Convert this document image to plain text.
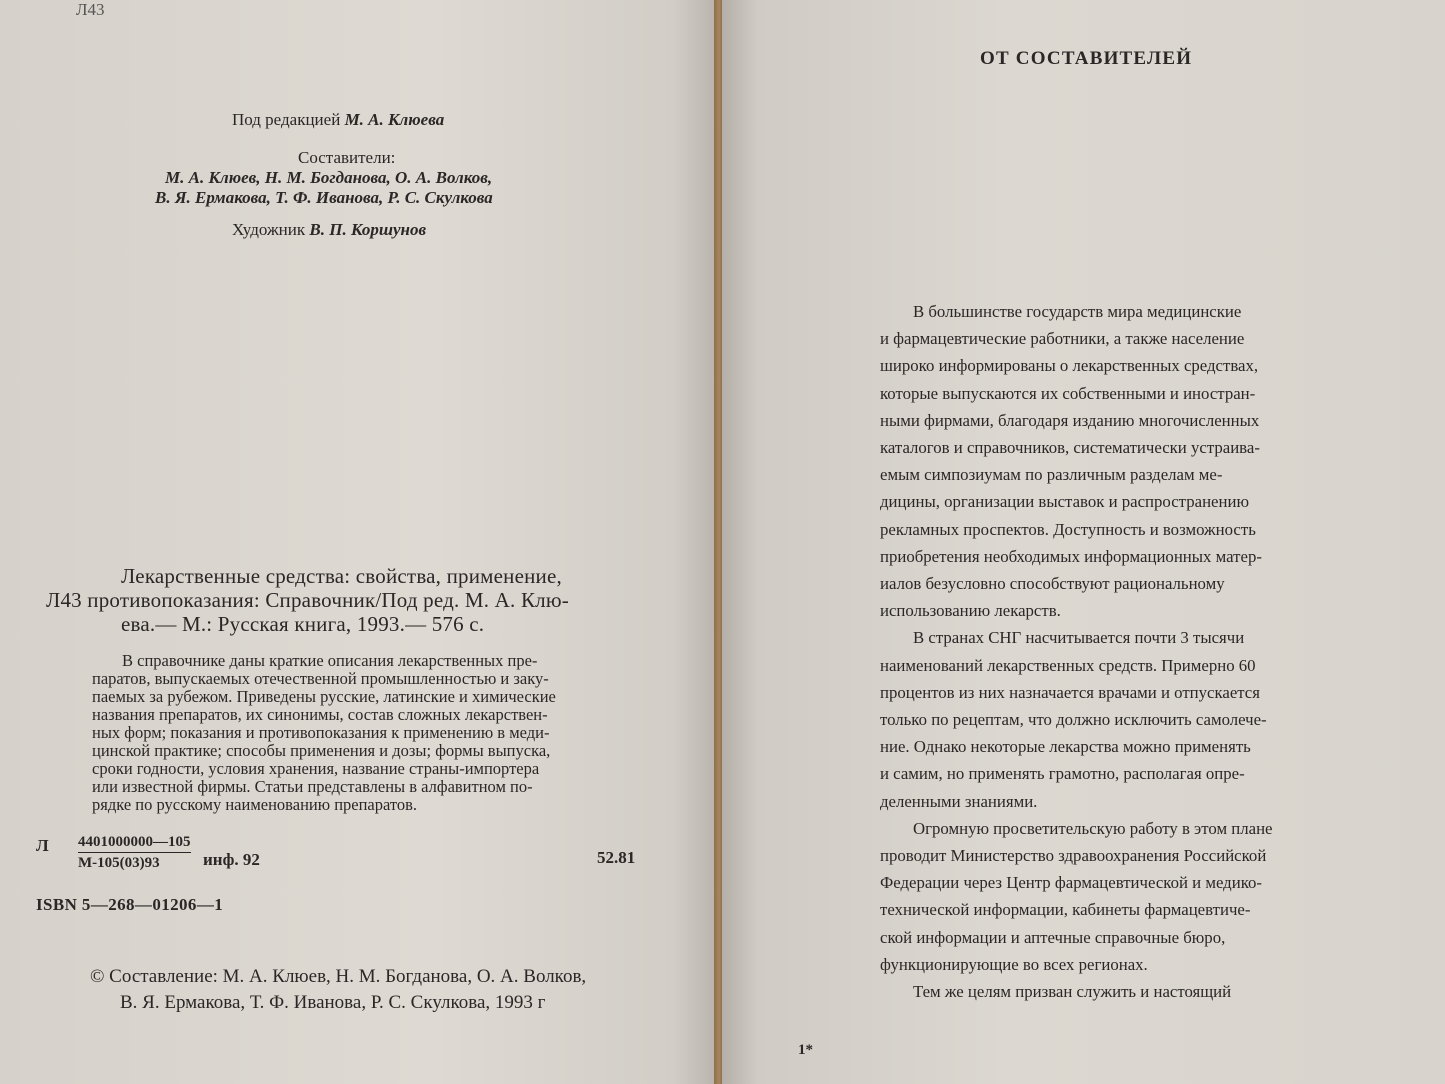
Л43
Под редакцией М. А. Клюева
Составители:
М. А. Клюев, Н. М. Богданова, О. А. Волков,
В. Я. Ермакова, Т. Ф. Иванова, Р. С. Скулкова
Художник В. П. Коршунов
Лекарственные средства: свойства, применение,
Л43 противопоказания: Справочник/Под ред. М. А. Клю-
ева.— М.: Русская книга, 1993.— 576 с.
В справочнике даны краткие описания лекарственных пре-
паратов, выпускаемых отечественной промышленностью и заку-
паемых за рубежом. Приведены русские, латинские и химические
названия препаратов, их синонимы, состав сложных лекарствен-
ных форм; показания и противопоказания к применению в меди-
цинской практике; способы применения и дозы; формы выпуска,
сроки годности, условия хранения, название страны-импортера
или известной фирмы. Статьи представлены в алфавитном по-
рядке по русскому наименованию препаратов.
Л 4401000000—105
М-105(03)93	инф. 92	52.81
ISBN 5—268—01206—1
© Составление: М. А. Клюев, Н. М. Богданова, О. А. Волков,
В. Я. Ермакова, Т. Ф. Иванова, Р. С. Скулкова, 1993 г
ОТ СОСТАВИТЕЛЕЙ
В большинстве государств мира медицинские
и фармацевтические работники, а также население
широко информированы о лекарственных средствах,
которые выпускаются их собственными и иностран-
ными фирмами, благодаря изданию многочисленных
каталогов и справочников, систематически устраива-
емым симпозиумам по различным разделам ме-
дицины, организации выставок и распространению
рекламных проспектов. Доступность и возможность
приобретения необходимых информационных матер-
иалов безусловно способствуют рациональному
использованию лекарств.
В странах СНГ насчитывается почти 3 тысячи
наименований лекарственных средств. Примерно 60
процентов из них назначается врачами и отпускается
только по рецептам, что должно исключить самолече-
ние. Однако некоторые лекарства можно применять
и самим, но применять грамотно, располагая опре-
деленными знаниями.
Огромную просветительскую работу в этом плане
проводит Министерство здравоохранения Российской
Федерации через Центр фармацевтической и медико-
технической информации, кабинеты фармацевтиче-
ской информации и аптечные справочные бюро,
функционирующие во всех регионах.
Тем же целям призван служить и настоящий
1*
